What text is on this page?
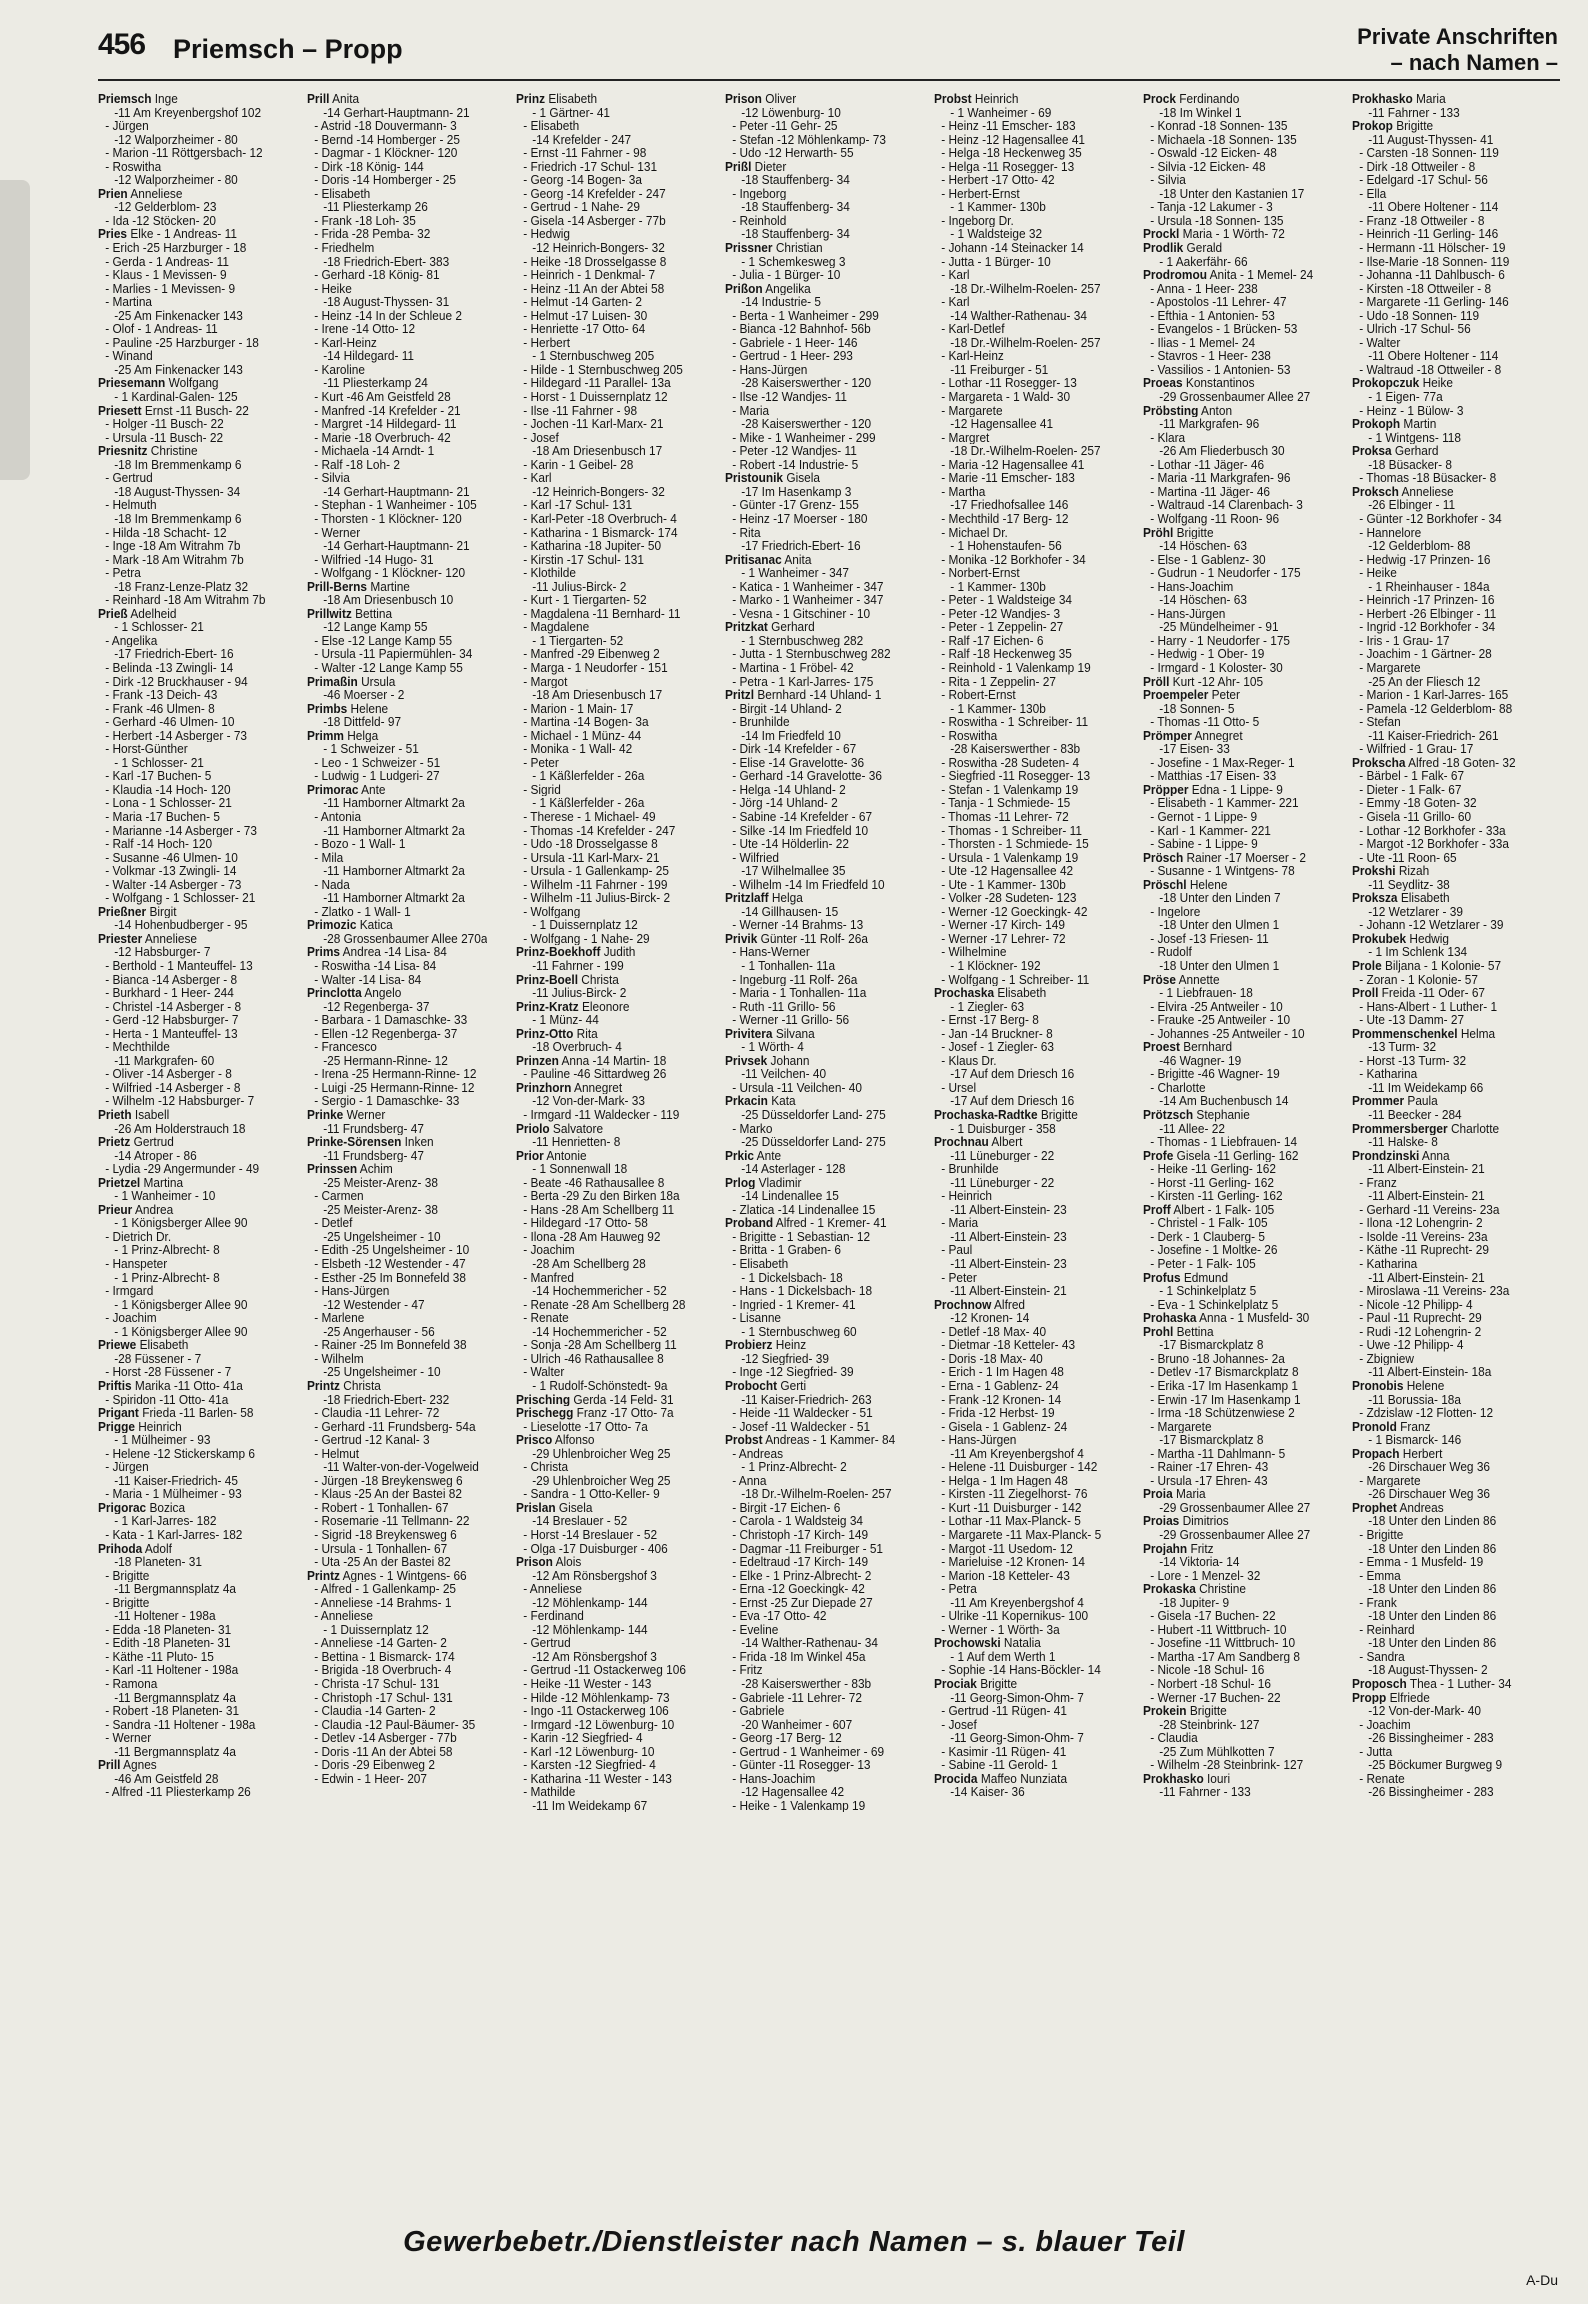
456 Priemsch – Propp	Private Anschriften
– nach Namen –
Priemsch Inge
-11 Am Kreyenbergshof 102
- Jürgen
-12 Walporzheimer - 80
- Marion -11 Röttgersbach- 12
- Roswitha
-12 Walporzheimer - 80
Prien Anneliese
-12 Gelderblom- 23
- Ida -12 Stöcken- 20
Pries Elke - 1 Andreas- 11
- Erich -25 Harzburger - 18
- Gerda - 1 Andreas- 11
- Klaus - 1 Mevissen- 9
- Marlies - 1 Mevissen- 9
- Martina
-25 Am Finkenacker 143
- Olof - 1 Andreas- 11
- Pauline -25 Harzburger - 18
- Winand
-25 Am Finkenacker 143
Priesemann Wolfgang
- 1 Kardinal-Galen- 125
Priesett Ernst -11 Busch- 22
- Holger -11 Busch- 22
- Ursula -11 Busch- 22
Priesnitz Christine
-18 Im Bremmenkamp 6
- Gertrud
-18 August-Thyssen- 34
- Helmuth
-18 Im Bremmenkamp 6
- Hilda -18 Schacht- 12
- Inge -18 Am Witrahm 7b
- Mark -18 Am Witrahm 7b
- Petra
-18 Franz-Lenze-Platz 32
- Reinhard -18 Am Witrahm 7b
Prieß Adelheid
- 1 Schlosser- 21
- Angelika
-17 Friedrich-Ebert- 16
- Belinda -13 Zwingli- 14
- Dirk -12 Bruckhauser - 94
- Frank -13 Deich- 43
- Frank -46 Ulmen- 8
- Gerhard -46 Ulmen- 10
- Herbert -14 Asberger - 73
- Horst-Günther
- 1 Schlosser- 21
- Karl -17 Buchen- 5
- Klaudia -14 Hoch- 120
- Lona - 1 Schlosser- 21
- Maria -17 Buchen- 5
- Marianne -14 Asberger - 73
- Ralf -14 Hoch- 120
- Susanne -46 Ulmen- 10
- Volkmar -13 Zwingli- 14
- Walter -14 Asberger - 73
- Wolfgang - 1 Schlosser- 21
Prießner Birgit
-14 Hohenbudberger - 95
Priester Anneliese
-12 Habsburger- 7
- Berthold - 1 Manteuffel- 13
- Bianca -14 Asberger - 8
- Burkhard - 1 Heer- 244
- Christel -14 Asberger - 8
- Gerd -12 Habsburger- 7
- Herta - 1 Manteuffel- 13
- Mechthilde
-11 Markgrafen- 60
- Oliver -14 Asberger - 8
- Wilfried -14 Asberger - 8
- Wilhelm -12 Habsburger- 7
Prieth Isabell
-26 Am Holderstrauch 18
Prietz Gertrud
-14 Atroper - 86
- Lydia -29 Angermunder - 49
Prietzel Martina
- 1 Wanheimer - 10
Prieur Andrea
- 1 Königsberger Allee 90
- Dietrich Dr.
- 1 Prinz-Albrecht- 8
- Hanspeter
- 1 Prinz-Albrecht- 8
- Irmgard
- 1 Königsberger Allee 90
- Joachim
- 1 Königsberger Allee 90
Priewe Elisabeth
-28 Füssener - 7
- Horst -28 Füssener - 7
Priftis Marika -11 Otto- 41a
- Spiridon -11 Otto- 41a
Prigant Frieda -11 Barlen- 58
Prigge Heinrich
- 1 Mülheimer - 93
- Helene -12 Stickerskamp 6
- Jürgen
-11 Kaiser-Friedrich- 45
- Maria - 1 Mülheimer - 93
Prigorac Bozica
- 1 Karl-Jarres- 182
- Kata - 1 Karl-Jarres- 182
Prihoda Adolf
-18 Planeten- 31
- Brigitte
-11 Bergmannsplatz 4a
- Brigitte
-11 Holtener - 198a
- Edda -18 Planeten- 31
- Edith -18 Planeten- 31
- Käthe -11 Pluto- 15
- Karl -11 Holtener - 198a
- Ramona
-11 Bergmannsplatz 4a
- Robert -18 Planeten- 31
- Sandra -11 Holtener - 198a
- Werner
-11 Bergmannsplatz 4a
Prill Agnes
-46 Am Geistfeld 28
- Alfred -11 Pliesterkamp 26
Prill Anita
-14 Gerhart-Hauptmann- 21
- Astrid -18 Douvermann- 3
- Bernd -14 Homberger - 25
- Dagmar - 1 Klöckner- 120
- Dirk -18 König- 144
- Doris -14 Homberger - 25
- Elisabeth
-11 Pliesterkamp 26
- Frank -18 Loh- 35
- Frida -28 Pemba- 32
- Friedhelm
-18 Friedrich-Ebert- 383
- Gerhard -18 König- 81
- Heike
-18 August-Thyssen- 31
- Heinz -14 In der Schleue 2
- Irene -14 Otto- 12
- Karl-Heinz
-14 Hildegard- 11
- Karoline
-11 Pliesterkamp 24
- Kurt -46 Am Geistfeld 28
- Manfred -14 Krefelder - 21
- Margret -14 Hildegard- 11
- Marie -18 Overbruch- 42
- Michaela -14 Arndt- 1
- Ralf -18 Loh- 2
- Silvia
-14 Gerhart-Hauptmann- 21
- Stephan - 1 Wanheimer - 105
- Thorsten - 1 Klöckner- 120
- Werner
-14 Gerhart-Hauptmann- 21
- Wilfried -14 Hugo- 31
- Wolfgang - 1 Klöckner- 120
Prill-Berns Martine
-18 Am Driesenbusch 10
Prillwitz Bettina
-12 Lange Kamp 55
- Else -12 Lange Kamp 55
- Ursula -11 Papiermühlen- 34
- Walter -12 Lange Kamp 55
Primaßin Ursula
-46 Moerser - 2
Primbs Helene
-18 Dittfeld- 97
Primm Helga
- 1 Schweizer - 51
- Leo - 1 Schweizer - 51
- Ludwig - 1 Ludgeri- 27
Primorac Ante
-11 Hamborner Altmarkt 2a
- Antonia
-11 Hamborner Altmarkt 2a
- Bozo - 1 Wall- 1
- Mila
-11 Hamborner Altmarkt 2a
- Nada
-11 Hamborner Altmarkt 2a
- Zlatko - 1 Wall- 1
Primozic Katica
-28 Grossenbaumer Allee 270a
Prims Andrea -14 Lisa- 84
- Roswitha -14 Lisa- 84
- Walter -14 Lisa- 84
Princlotta Angelo
-12 Regenberga- 37
- Barbara - 1 Damaschke- 33
- Ellen -12 Regenberga- 37
- Francesco
-25 Hermann-Rinne- 12
- Irena -25 Hermann-Rinne- 12
- Luigi -25 Hermann-Rinne- 12
- Sergio - 1 Damaschke- 33
Prinke Werner
-11 Frundsberg- 47
Prinke-Sörensen Inken
-11 Frundsberg- 47
Prinssen Achim
-25 Meister-Arenz- 38
- Carmen
-25 Meister-Arenz- 38
- Detlef
-25 Ungelsheimer - 10
- Edith -25 Ungelsheimer - 10
- Elsbeth -12 Westender - 47
- Esther -25 Im Bonnefeld 38
- Hans-Jürgen
-12 Westender - 47
- Marlene
-25 Angerhauser - 56
- Rainer -25 Im Bonnefeld 38
- Wilhelm
-25 Ungelsheimer - 10
Printz Christa
-18 Friedrich-Ebert- 232
- Claudia -11 Lehrer- 72
- Gerhard -11 Frundsberg- 54a
- Gertrud -12 Kanal- 3
- Helmut
-11 Walter-von-der-Vogelweid
- Jürgen -18 Breykensweg 6
- Klaus -25 An der Bastei 82
- Robert - 1 Tonhallen- 67
- Rosemarie -11 Tellmann- 22
- Sigrid -18 Breykensweg 6
- Ursula - 1 Tonhallen- 67
- Uta -25 An der Bastei 82
Printz Agnes - 1 Wintgens- 66
- Alfred - 1 Gallenkamp- 25
- Anneliese -14 Brahms- 1
- Anneliese
- 1 Duissernplatz 12
- Anneliese -14 Garten- 2
- Bettina - 1 Bismarck- 174
- Brigida -18 Overbruch- 4
- Christa -17 Schul- 131
- Christoph -17 Schul- 131
- Claudia -14 Garten- 2
- Claudia -12 Paul-Bäumer- 35
- Detlev -14 Asberger - 77b
- Doris -11 An der Abtei 58
- Doris -29 Eibenweg 2
- Edwin - 1 Heer- 207
Prinz Elisabeth
- 1 Gärtner- 41
- Elisabeth
-14 Krefelder - 247
- Ernst -11 Fahrner - 98
- Friedrich -17 Schul- 131
- Georg -14 Bogen- 3a
- Georg -14 Krefelder - 247
- Gertrud - 1 Nahe- 29
- Gisela -14 Asberger - 77b
- Hedwig
-12 Heinrich-Bongers- 32
- Heike -18 Drosselgasse 8
- Heinrich - 1 Denkmal- 7
- Heinz -11 An der Abtei 58
- Helmut -14 Garten- 2
- Helmut -17 Luisen- 30
- Henriette -17 Otto- 64
- Herbert
- 1 Sternbuschweg 205
- Hilde - 1 Sternbuschweg 205
- Hildegard -11 Parallel- 13a
- Horst - 1 Duissernplatz 12
- Ilse -11 Fahrner - 98
- Jochen -11 Karl-Marx- 21
- Josef
-18 Am Driesenbusch 17
- Karin - 1 Geibel- 28
- Karl
-12 Heinrich-Bongers- 32
- Karl -17 Schul- 131
- Karl-Peter -18 Overbruch- 4
- Katharina - 1 Bismarck- 174
- Katharina -18 Jupiter- 50
- Kirstin -17 Schul- 131
- Klothilde
-11 Julius-Birck- 2
- Kurt - 1 Tiergarten- 52
- Magdalena -11 Bernhard- 11
- Magdalene
- 1 Tiergarten- 52
- Manfred -29 Eibenweg 2
- Marga - 1 Neudorfer - 151
- Margot
-18 Am Driesenbusch 17
- Marion - 1 Main- 17
- Martina -14 Bogen- 3a
- Michael - 1 Münz- 44
- Monika - 1 Wall- 42
- Peter
- 1 Käßlerfelder - 26a
- Sigrid
- 1 Käßlerfelder - 26a
- Therese - 1 Michael- 49
- Thomas -14 Krefelder - 247
- Udo -18 Drosselgasse 8
- Ursula -11 Karl-Marx- 21
- Ursula - 1 Gallenkamp- 25
- Wilhelm -11 Fahrner - 199
- Wilhelm -11 Julius-Birck- 2
- Wolfgang
- 1 Duissernplatz 12
- Wolfgang - 1 Nahe- 29
Prinz-Boekhoff Judith
-11 Fahrner - 199
Prinz-Boell Christa
-11 Julius-Birck- 2
Prinz-Kratz Eleonore
- 1 Münz- 44
Prinz-Otto Rita
-18 Overbruch- 4
Prinzen Anna -14 Martin- 18
- Pauline -46 Sittardweg 26
Prinzhorn Annegret
-12 Von-der-Mark- 33
- Irmgard -11 Waldecker - 119
Priolo Salvatore
-11 Henrietten- 8
Prior Antonie
- 1 Sonnenwall 18
- Beate -46 Rathausallee 8
- Berta -29 Zu den Birken 18a
- Hans -28 Am Schellberg 11
- Hildegard -17 Otto- 58
- Ilona -28 Am Hauweg 92
- Joachim
-28 Am Schellberg 28
- Manfred
-14 Hochemmericher - 52
- Renate -28 Am Schellberg 28
- Renate
-14 Hochemmericher - 52
- Sonja -28 Am Schellberg 11
- Ulrich -46 Rathausallee 8
- Walter
- 1 Rudolf-Schönstedt- 9a
Prisching Gerda -14 Feld- 31
Prischegg Franz -17 Otto- 7a
- Lieselotte -17 Otto- 7a
Prisco Alfonso
-29 Uhlenbroicher Weg 25
- Christa
-29 Uhlenbroicher Weg 25
- Sandra - 1 Otto-Keller- 9
Prislan Gisela
-14 Breslauer - 52
- Horst -14 Breslauer - 52
- Olga -17 Duisburger - 406
Prison Alois
-12 Am Rönsbergshof 3
- Anneliese
-12 Möhlenkamp- 144
- Ferdinand
-12 Möhlenkamp- 144
- Gertrud
-12 Am Rönsbergshof 3
- Gertrud -11 Ostackerweg 106
- Heike -11 Wester - 143
- Hilde -12 Möhlenkamp- 73
- Ingo -11 Ostackerweg 106
- Irmgard -12 Löwenburg- 10
- Karin -12 Siegfried- 4
- Karl -12 Löwenburg- 10
- Karsten -12 Siegfried- 4
- Katharina -11 Wester - 143
- Mathilde
-11 Im Weidekamp 67
Prison Oliver
-12 Löwenburg- 10
- Peter -11 Gehr- 25
- Stefan -12 Möhlenkamp- 73
- Udo -12 Herwarth- 55
Prißl Dieter
-18 Stauffenberg- 34
- Ingeborg
-18 Stauffenberg- 34
- Reinhold
-18 Stauffenberg- 34
Prissner Christian
- 1 Schemkesweg 3
- Julia - 1 Bürger- 10
Prißon Angelika
-14 Industrie- 5
- Berta - 1 Wanheimer - 299
- Bianca -12 Bahnhof- 56b
- Gabriele - 1 Heer- 146
- Gertrud - 1 Heer- 293
- Hans-Jürgen
-28 Kaiserswerther - 120
- Ilse -12 Wandjes- 11
- Maria
-28 Kaiserswerther - 120
- Mike - 1 Wanheimer - 299
- Peter -12 Wandjes- 11
- Robert -14 Industrie- 5
Pristounik Gisela
-17 Im Hasenkamp 3
- Günter -17 Grenz- 155
- Heinz -17 Moerser - 180
- Rita
-17 Friedrich-Ebert- 16
Pritisanac Anita
- 1 Wanheimer - 347
- Katica - 1 Wanheimer - 347
- Marko - 1 Wanheimer - 347
- Vesna - 1 Gitschiner - 10
Pritzkat Gerhard
- 1 Sternbuschweg 282
- Jutta - 1 Sternbuschweg 282
- Martina - 1 Fröbel- 42
- Petra - 1 Karl-Jarres- 175
Pritzl Bernhard -14 Uhland- 1
- Birgit -14 Uhland- 2
- Brunhilde
-14 Im Friedfeld 10
- Dirk -14 Krefelder - 67
- Elise -14 Gravelotte- 36
- Gerhard -14 Gravelotte- 36
- Helga -14 Uhland- 2
- Jörg -14 Uhland- 2
- Sabine -14 Krefelder - 67
- Silke -14 Im Friedfeld 10
- Ute -14 Hölderlin- 22
- Wilfried
-17 Wilhelmallee 35
- Wilhelm -14 Im Friedfeld 10
Pritzlaff Helga
-14 Gillhausen- 15
- Werner -14 Brahms- 13
Privik Günter -11 Rolf- 26a
- Hans-Werner
- 1 Tonhallen- 11a
- Ingeburg -11 Rolf- 26a
- Maria - 1 Tonhallen- 11a
- Ruth -11 Grillo- 56
- Werner -11 Grillo- 56
Privitera Silvana
- 1 Wörth- 4
Privsek Johann
-11 Veilchen- 40
- Ursula -11 Veilchen- 40
Prkacin Kata
-25 Düsseldorfer Land- 275
- Marko
-25 Düsseldorfer Land- 275
Prkic Ante
-14 Asterlager - 128
Prlog Vladimir
-14 Lindenallee 15
- Zlatica -14 Lindenallee 15
Proband Alfred - 1 Kremer- 41
- Brigitte - 1 Sebastian- 12
- Britta - 1 Graben- 6
- Elisabeth
- 1 Dickelsbach- 18
- Hans - 1 Dickelsbach- 18
- Ingried - 1 Kremer- 41
- Lisanne
- 1 Sternbuschweg 60
Probierz Heinz
-12 Siegfried- 39
- Inge -12 Siegfried- 39
Probocht Gerti
-11 Kaiser-Friedrich- 263
- Heide -11 Waldecker - 51
- Josef -11 Waldecker - 51
Probst Andreas - 1 Kammer- 84
- Andreas
- 1 Prinz-Albrecht- 2
- Anna
-18 Dr.-Wilhelm-Roelen- 257
- Birgit -17 Eichen- 6
- Carola - 1 Waldsteig 34
- Christoph -17 Kirch- 149
- Dagmar -11 Freiburger - 51
- Edeltraud -17 Kirch- 149
- Elke - 1 Prinz-Albrecht- 2
- Erna -12 Goeckingk- 42
- Ernst -25 Zur Diepade 27
- Eva -17 Otto- 42
- Eveline
-14 Walther-Rathenau- 34
- Frida -18 Im Winkel 45a
- Fritz
-28 Kaiserswerther - 83b
- Gabriele -11 Lehrer- 72
- Gabriele
-20 Wanheimer - 607
- Georg -17 Berg- 12
- Gertrud - 1 Wanheimer - 69
- Günter -11 Rosegger- 13
- Hans-Joachim
-12 Hagensallee 42
- Heike - 1 Valenkamp 19
Probst Heinrich
- 1 Wanheimer - 69
- Heinz -11 Emscher- 183
- Heinz -12 Hagensallee 41
- Helga -18 Heckenweg 35
- Helga -11 Rosegger- 13
- Herbert -17 Otto- 42
- Herbert-Ernst
- 1 Kammer- 130b
- Ingeborg Dr.
- 1 Waldsteige 32
- Johann -14 Steinacker 14
- Jutta - 1 Bürger- 10
- Karl
-18 Dr.-Wilhelm-Roelen- 257
- Karl
-14 Walther-Rathenau- 34
- Karl-Detlef
-18 Dr.-Wilhelm-Roelen- 257
- Karl-Heinz
-11 Freiburger - 51
- Lothar -11 Rosegger- 13
- Margareta - 1 Wald- 30
- Margarete
-12 Hagensallee 41
- Margret
-18 Dr.-Wilhelm-Roelen- 257
- Maria -12 Hagensallee 41
- Marie -11 Emscher- 183
- Martha
-17 Friedhofsallee 146
- Mechthild -17 Berg- 12
- Michael Dr.
- 1 Hohenstaufen- 56
- Monika -12 Borkhofer - 34
- Norbert-Ernst
- 1 Kammer- 130b
- Peter - 1 Waldsteige 34
- Peter -12 Wandjes- 3
- Peter - 1 Zeppelin- 27
- Ralf -17 Eichen- 6
- Ralf -18 Heckenweg 35
- Reinhold - 1 Valenkamp 19
- Rita - 1 Zeppelin- 27
- Robert-Ernst
- 1 Kammer- 130b
- Roswitha - 1 Schreiber- 11
- Roswitha
-28 Kaiserswerther - 83b
- Roswitha -28 Sudeten- 4
- Siegfried -11 Rosegger- 13
- Stefan - 1 Valenkamp 19
- Tanja - 1 Schmiede- 15
- Thomas -11 Lehrer- 72
- Thomas - 1 Schreiber- 11
- Thorsten - 1 Schmiede- 15
- Ursula - 1 Valenkamp 19
- Ute -12 Hagensallee 42
- Ute - 1 Kammer- 130b
- Volker -28 Sudeten- 123
- Werner -12 Goeckingk- 42
- Werner -17 Kirch- 149
- Werner -17 Lehrer- 72
- Wilhelmine
- 1 Klöckner- 192
- Wolfgang - 1 Schreiber- 11
Prochaska Elisabeth
- 1 Ziegler- 63
- Ernst -17 Berg- 8
- Jan -14 Bruckner- 8
- Josef - 1 Ziegler- 63
- Klaus Dr.
-17 Auf dem Driesch 16
- Ursel
-17 Auf dem Driesch 16
Prochaska-Radtke Brigitte
- 1 Duisburger - 358
Prochnau Albert
-11 Lüneburger - 22
- Brunhilde
-11 Lüneburger - 22
- Heinrich
-11 Albert-Einstein- 23
- Maria
-11 Albert-Einstein- 23
- Paul
-11 Albert-Einstein- 23
- Peter
-11 Albert-Einstein- 21
Prochnow Alfred
-12 Kronen- 14
- Detlef -18 Max- 40
- Dietmar -18 Ketteler- 43
- Doris -18 Max- 40
- Erich - 1 Im Hagen 48
- Erna - 1 Gablenz- 24
- Frank -12 Kronen- 14
- Frida -12 Herbst- 19
- Gisela - 1 Gablenz- 24
- Hans-Jürgen
-11 Am Kreyenbergshof 4
- Helene -11 Duisburger - 142
- Helga - 1 Im Hagen 48
- Kirsten -11 Ziegelhorst- 76
- Kurt -11 Duisburger - 142
- Lothar -11 Max-Planck- 5
- Margarete -11 Max-Planck- 5
- Margot -11 Usedom- 12
- Marieluise -12 Kronen- 14
- Marion -18 Ketteler- 43
- Petra
-11 Am Kreyenbergshof 4
- Ulrike -11 Kopernikus- 100
- Werner - 1 Wörth- 3a
Prochowski Natalia
- 1 Auf dem Werth 1
- Sophie -14 Hans-Böckler- 14
Prociak Brigitte
-11 Georg-Simon-Ohm- 7
- Gertrud -11 Rügen- 41
- Josef
-11 Georg-Simon-Ohm- 7
- Kasimir -11 Rügen- 41
- Sabine -11 Gerold- 1
Procida Maffeo Nunziata
-14 Kaiser- 36
Prock Ferdinando
-18 Im Winkel 1
- Konrad -18 Sonnen- 135
- Michaela -18 Sonnen- 135
- Oswald -12 Eicken- 48
- Silvia -12 Eicken- 48
- Silvia
-18 Unter den Kastanien 17
- Tanja -12 Lakumer - 3
- Ursula -18 Sonnen- 135
Prockl Maria - 1 Wörth- 72
Prodlik Gerald
- 1 Aakerfähr- 66
Prodromou Anita - 1 Memel- 24
- Anna - 1 Heer- 238
- Apostolos -11 Lehrer- 47
- Efthia - 1 Antonien- 53
- Evangelos - 1 Brücken- 53
- Ilias - 1 Memel- 24
- Stavros - 1 Heer- 238
- Vassilios - 1 Antonien- 53
Proeas Konstantinos
-29 Grossenbaumer Allee 27
Pröbsting Anton
-11 Markgrafen- 96
- Klara
-26 Am Fliederbusch 30
- Lothar -11 Jäger- 46
- Maria -11 Markgrafen- 96
- Martina -11 Jäger- 46
- Waltraud -14 Clarenbach- 3
- Wolfgang -11 Roon- 96
Pröhl Brigitte
-14 Höschen- 63
- Else - 1 Gablenz- 30
- Gudrun - 1 Neudorfer - 175
- Hans-Joachim
-14 Höschen- 63
- Hans-Jürgen
-25 Mündelheimer - 91
- Harry - 1 Neudorfer - 175
- Hedwig - 1 Ober- 19
- Irmgard - 1 Koloster- 30
Pröll Kurt -12 Ahr- 105
Proempeler Peter
-18 Sonnen- 5
- Thomas -11 Otto- 5
Prömper Annegret
-17 Eisen- 33
- Josefine - 1 Max-Reger- 1
- Matthias -17 Eisen- 33
Pröpper Edna - 1 Lippe- 9
- Elisabeth - 1 Kammer- 221
- Gernot - 1 Lippe- 9
- Karl - 1 Kammer- 221
- Sabine - 1 Lippe- 9
Prösch Rainer -17 Moerser - 2
- Susanne - 1 Wintgens- 78
Pröschl Helene
-18 Unter den Linden 7
- Ingelore
-18 Unter den Ulmen 1
- Josef -13 Friesen- 11
- Rudolf
-18 Unter den Ulmen 1
Pröse Annette
- 1 Liebfrauen- 18
- Elvira -25 Antweiler - 10
- Frauke -25 Antweiler - 10
- Johannes -25 Antweiler - 10
Proest Bernhard
-46 Wagner- 19
- Brigitte -46 Wagner- 19
- Charlotte
-14 Am Buchenbusch 14
Prötzsch Stephanie
-11 Allee- 22
- Thomas - 1 Liebfrauen- 14
Profe Gisela -11 Gerling- 162
- Heike -11 Gerling- 162
- Horst -11 Gerling- 162
- Kirsten -11 Gerling- 162
Proff Albert - 1 Falk- 105
- Christel - 1 Falk- 105
- Derk - 1 Clauberg- 5
- Josefine - 1 Moltke- 26
- Peter - 1 Falk- 105
Profus Edmund
- 1 Schinkelplatz 5
- Eva - 1 Schinkelplatz 5
Prohaska Anna - 1 Musfeld- 30
Prohl Bettina
-17 Bismarckplatz 8
- Bruno -18 Johannes- 2a
- Detlev -17 Bismarckplatz 8
- Erika -17 Im Hasenkamp 1
- Erwin -17 Im Hasenkamp 1
- Irma -18 Schützenwiese 2
- Margarete
-17 Bismarckplatz 8
- Martha -11 Dahlmann- 5
- Rainer -17 Ehren- 43
- Ursula -17 Ehren- 43
Proia Maria
-29 Grossenbaumer Allee 27
Proias Dimitrios
-29 Grossenbaumer Allee 27
Projahn Fritz
-14 Viktoria- 14
- Lore - 1 Menzel- 32
Prokaska Christine
-18 Jupiter- 9
- Gisela -17 Buchen- 22
- Hubert -11 Wittbruch- 10
- Josefine -11 Wittbruch- 10
- Martha -17 Am Sandberg 8
- Nicole -18 Schul- 16
- Norbert -18 Schul- 16
- Werner -17 Buchen- 22
Prokein Brigitte
-28 Steinbrink- 127
- Claudia
-25 Zum Mühlkotten 7
- Wilhelm -28 Steinbrink- 127
Prokhasko Iouri
-11 Fahrner - 133
Prokhasko Maria
-11 Fahrner - 133
Prokop Brigitte
-11 August-Thyssen- 41
- Carsten -18 Sonnen- 119
- Dirk -18 Ottweiler - 8
- Edelgard -17 Schul- 56
- Ella
-11 Obere Holtener - 114
- Franz -18 Ottweiler - 8
- Heinrich -11 Gerling- 146
- Hermann -11 Hölscher- 19
- Ilse-Marie -18 Sonnen- 119
- Johanna -11 Dahlbusch- 6
- Kirsten -18 Ottweiler - 8
- Margarete -11 Gerling- 146
- Udo -18 Sonnen- 119
- Ulrich -17 Schul- 56
- Walter
-11 Obere Holtener - 114
- Waltraud -18 Ottweiler - 8
Prokopczuk Heike
- 1 Eigen- 77a
- Heinz - 1 Bülow- 3
Prokoph Martin
- 1 Wintgens- 118
Proksa Gerhard
-18 Büsacker- 8
- Thomas -18 Büsacker- 8
Proksch Anneliese
-26 Elbinger - 11
- Günter -12 Borkhofer - 34
- Hannelore
-12 Gelderblom- 88
- Hedwig -17 Prinzen- 16
- Heike
- 1 Rheinhauser - 184a
- Heinrich -17 Prinzen- 16
- Herbert -26 Elbinger - 11
- Ingrid -12 Borkhofer - 34
- Iris - 1 Grau- 17
- Joachim - 1 Gärtner- 28
- Margarete
-25 An der Fliesch 12
- Marion - 1 Karl-Jarres- 165
- Pamela -12 Gelderblom- 88
- Stefan
-11 Kaiser-Friedrich- 261
- Wilfried - 1 Grau- 17
Prokscha Alfred -18 Goten- 32
- Bärbel - 1 Falk- 67
- Dieter - 1 Falk- 67
- Emmy -18 Goten- 32
- Gisela -11 Grillo- 60
- Lothar -12 Borkhofer - 33a
- Margot -12 Borkhofer - 33a
- Ute -11 Roon- 65
Prokshi Rizah
-11 Seydlitz- 38
Proksza Elisabeth
-12 Wetzlarer - 39
- Johann -12 Wetzlarer - 39
Prokubek Hedwig
- 1 Im Schlenk 134
Prole Biljana - 1 Kolonie- 57
- Zoran - 1 Kolonie- 57
Proll Freida -11 Oder- 67
- Hans-Albert - 1 Luther- 1
- Ute -13 Damm- 27
Prommenschenkel Helma
-13 Turm- 32
- Horst -13 Turm- 32
- Katharina
-11 Im Weidekamp 66
Prommer Paula
-11 Beecker - 284
Prommersberger Charlotte
-11 Halske- 8
Prondzinski Anna
-11 Albert-Einstein- 21
- Franz
-11 Albert-Einstein- 21
- Gerhard -11 Vereins- 23a
- Ilona -12 Lohengrin- 2
- Isolde -11 Vereins- 23a
- Käthe -11 Ruprecht- 29
- Katharina
-11 Albert-Einstein- 21
- Miroslawa -11 Vereins- 23a
- Nicole -12 Philipp- 4
- Paul -11 Ruprecht- 29
- Rudi -12 Lohengrin- 2
- Uwe -12 Philipp- 4
- Zbigniew
-11 Albert-Einstein- 18a
Pronobis Helene
-11 Borussia- 18a
- Zdzislaw -12 Flotten- 12
Pronold Franz
- 1 Bismarck- 146
Propach Herbert
-26 Dirschauer Weg 36
- Margarete
-26 Dirschauer Weg 36
Prophet Andreas
-18 Unter den Linden 86
- Brigitte
-18 Unter den Linden 86
- Emma - 1 Musfeld- 19
- Emma
-18 Unter den Linden 86
- Frank
-18 Unter den Linden 86
- Reinhard
-18 Unter den Linden 86
- Sandra
-18 August-Thyssen- 2
Proposch Thea - 1 Luther- 34
Propp Elfriede
-12 Von-der-Mark- 40
- Joachim
-26 Bissingheimer - 283
- Jutta
-25 Böckumer Burgweg 9
- Renate
-26 Bissingheimer - 283
Gewerbebetr./Dienstleister nach Namen – s. blauer Teil
A-Du
